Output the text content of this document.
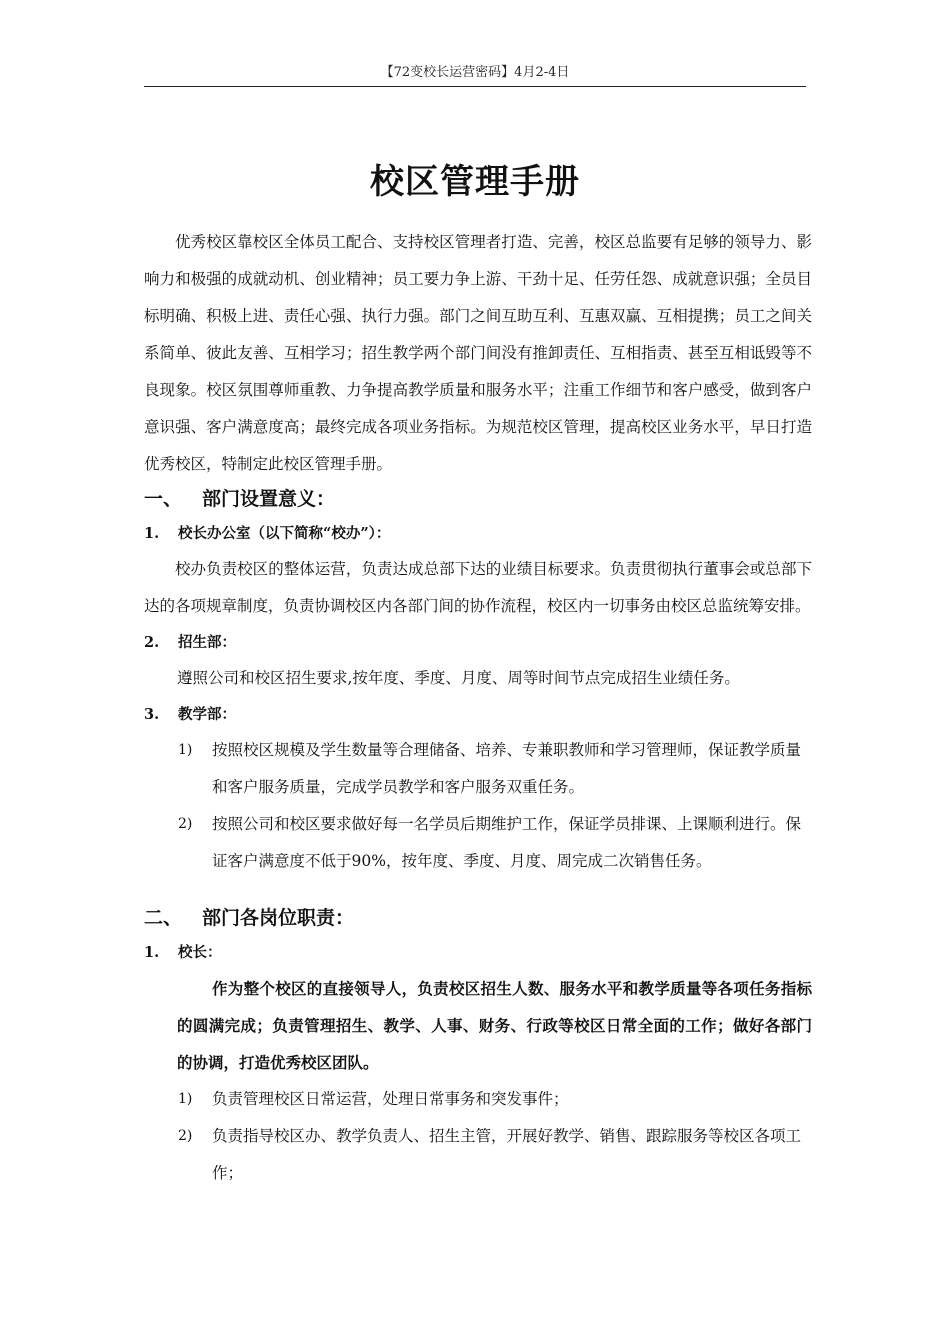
【72变校长运营密码】4月2-4日
校区管理手册

优秀校区靠校区全体员工配合、支持校区管理者打造、完善，校区总监要有足够的领导力、影响力和极强的成就动机、创业精神；员工要力争上游、干劲十足、任劳任怨、成就意识强；全员目标明确、积极上进、责任心强、执行力强。部门之间互助互利、互惠双赢、互相提携；员工之间关系简单、彼此友善、互相学习；招生教学两个部门间没有推卸责任、互相指责、甚至互相诋毁等不良现象。校区氛围尊师重教、力争提高教学质量和服务水平；注重工作细节和客户感受，做到客户意识强、客户满意度高；最终完成各项业务指标。为规范校区管理，提高校区业务水平，早日打造优秀校区，特制定此校区管理手册。

一、	部门设置意义：
1.	校长办公室（以下简称“校办”）：

校办负责校区的整体运营，负责达成总部下达的业绩目标要求。负责贯彻执行董事会或总部下达的各项规章制度，负责协调校区内各部门间的协作流程，校区内一切事务由校区总监统筹安排。

2.	招生部：

遵照公司和校区招生要求,按年度、季度、月度、周等时间节点完成招生业绩任务。

3.	教学部：
1)	按照校区规模及学生数量等合理储备、培养、专兼职教师和学习管理师，保证教学质量和客户服务质量，完成学员教学和客户服务双重任务。
2)	按照公司和校区要求做好每一名学员后期维护工作，保证学员排课、上课顺利进行。保证客户满意度不低于90%，按年度、季度、月度、周完成二次销售任务。
二、	部门各岗位职责：
1.	校长：

作为整个校区的直接领导人，负责校区招生人数、服务水平和教学质量等各项任务指标的圆满完成；负责管理招生、教学、人事、财务、行政等校区日常全面的工作；做好各部门的协调，打造优秀校区团队。

1)	负责管理校区日常运营，处理日常事务和突发事件；
2)	负责指导校区办、教学负责人、招生主管，开展好教学、销售、跟踪服务等校区各项工作；
